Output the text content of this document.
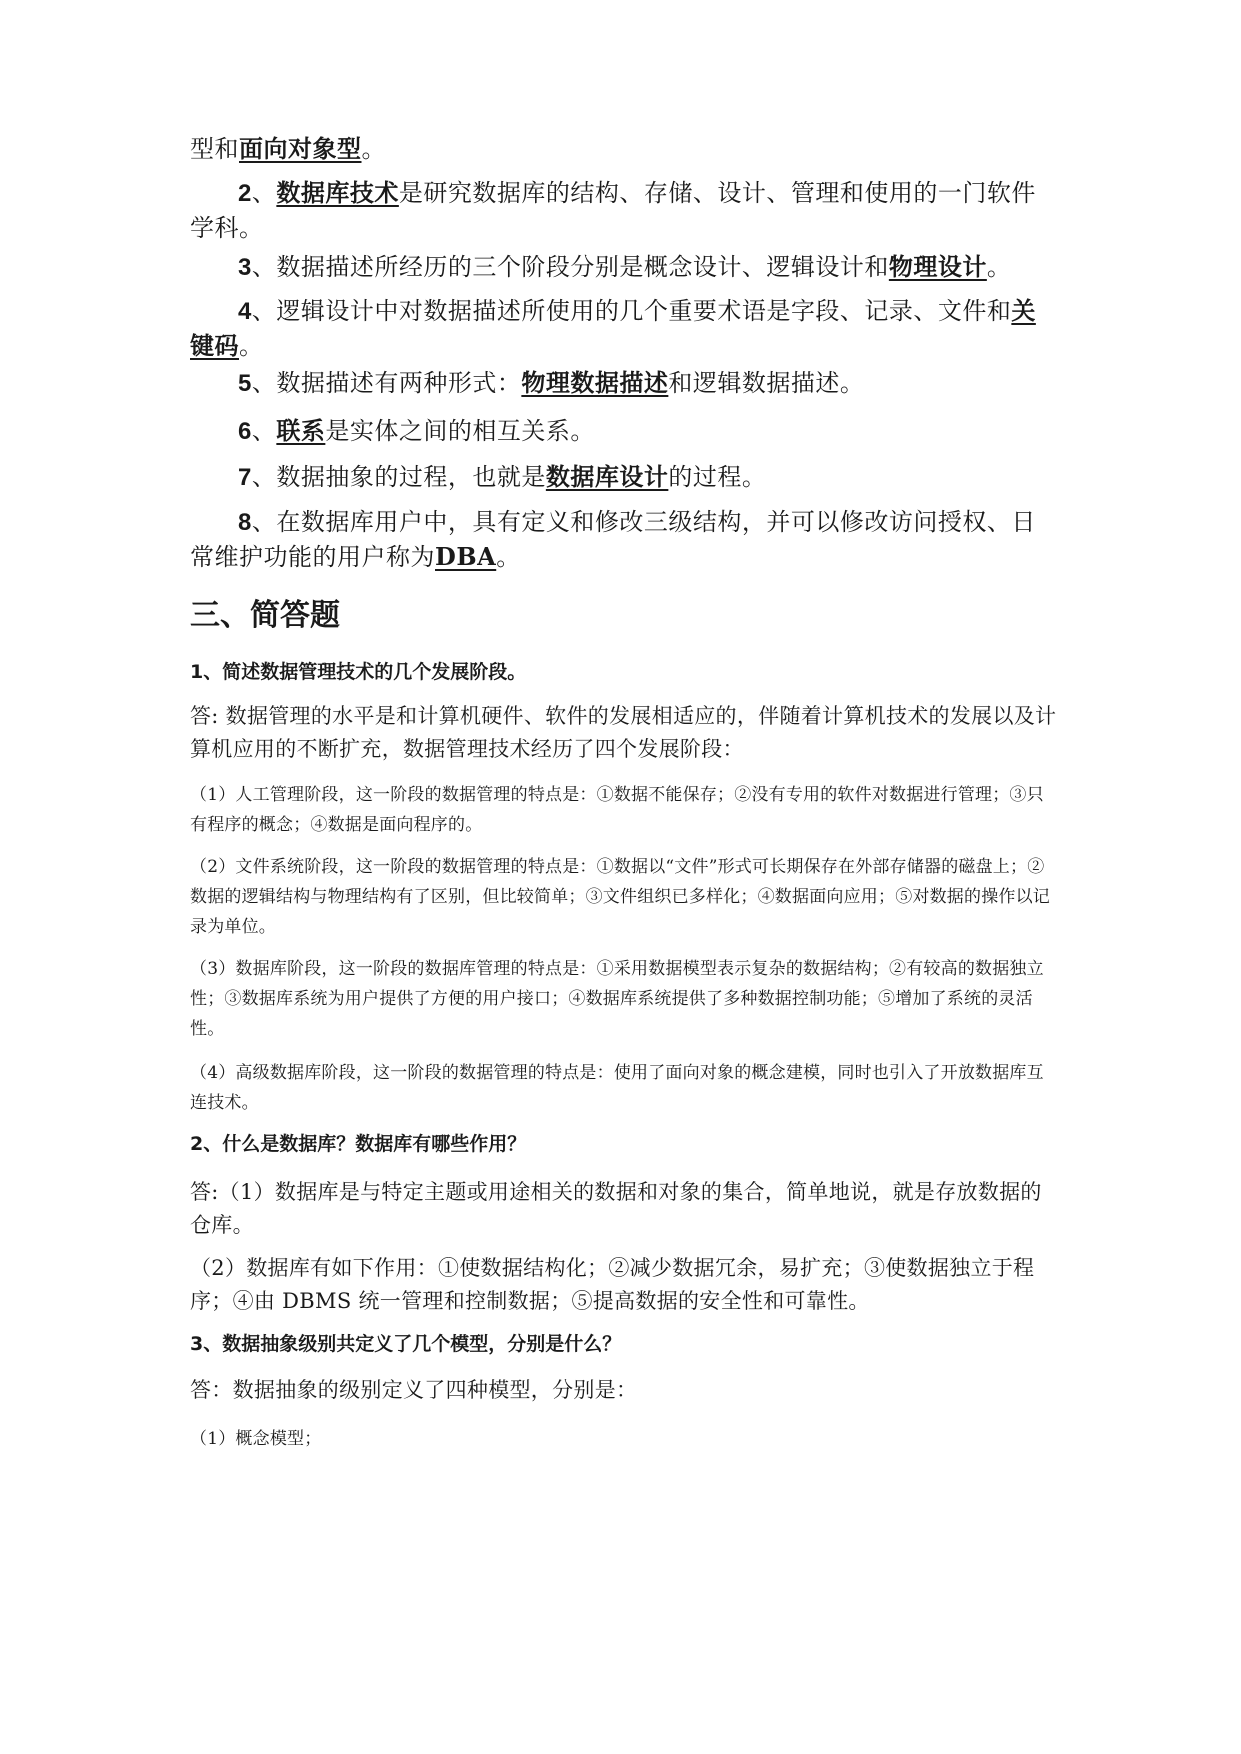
型和面向对象型。

2、数据库技术是研究数据库的结构、存储、设计、管理和使用的一门软件学科。

3、数据描述所经历的三个阶段分别是概念设计、逻辑设计和物理设计。

4、逻辑设计中对数据描述所使用的几个重要术语是字段、记录、文件和关键码。

5、数据描述有两种形式：物理数据描述和逻辑数据描述。

6、联系是实体之间的相互关系。

7、数据抽象的过程，也就是数据库设计的过程。

8、在数据库用户中，具有定义和修改三级结构，并可以修改访问授权、日常维护功能的用户称为DBA。

三、简答题

1、简述数据管理技术的几个发展阶段。

答: 数据管理的水平是和计算机硬件、软件的发展相适应的，伴随着计算机技术的发展以及计算机应用的不断扩充，数据管理技术经历了四个发展阶段：

（1）人工管理阶段，这一阶段的数据管理的特点是：①数据不能保存；②没有专用的软件对数据进行管理；③只有程序的概念；④数据是面向程序的。

（2）文件系统阶段，这一阶段的数据管理的特点是：①数据以“文件”形式可长期保存在外部存储器的磁盘上；②数据的逻辑结构与物理结构有了区别，但比较简单；③文件组织已多样化；④数据面向应用；⑤对数据的操作以记录为单位。

（3）数据库阶段，这一阶段的数据库管理的特点是：①采用数据模型表示复杂的数据结构；②有较高的数据独立性；③数据库系统为用户提供了方便的用户接口；④数据库系统提供了多种数据控制功能；⑤增加了系统的灵活性。

（4）高级数据库阶段，这一阶段的数据管理的特点是：使用了面向对象的概念建模，同时也引入了开放数据库互连技术。

2、什么是数据库？数据库有哪些作用？

答:（1）数据库是与特定主题或用途相关的数据和对象的集合，简单地说，就是存放数据的仓库。

（2）数据库有如下作用：①使数据结构化；②减少数据冗余，易扩充；③使数据独立于程序；④由 DBMS 统一管理和控制数据；⑤提高数据的安全性和可靠性。

3、数据抽象级别共定义了几个模型，分别是什么？

答：数据抽象的级别定义了四种模型，分别是：

（1）概念模型；
